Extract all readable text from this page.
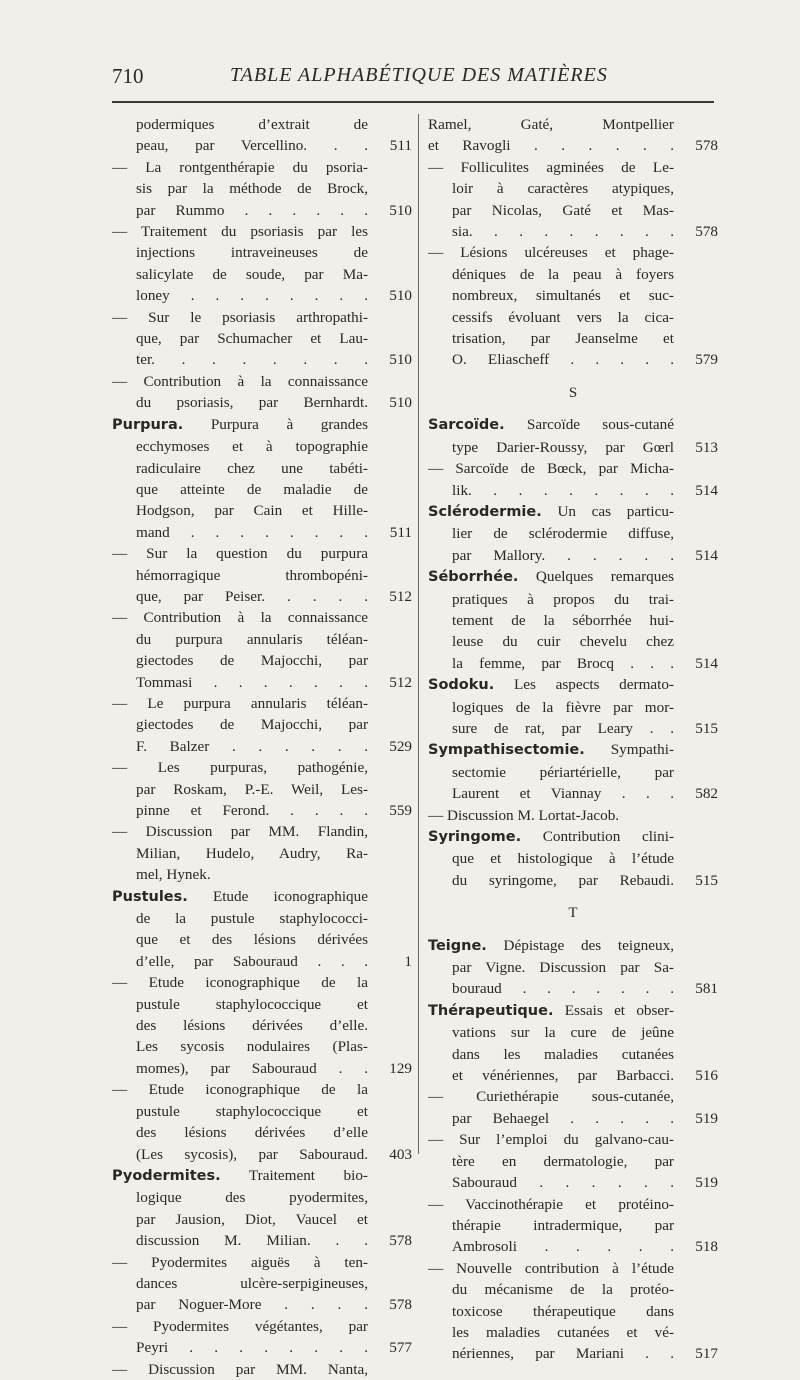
710	TABLE ALPHABÉTIQUE DES MATIÈRES
podermiques d’extrait de
peau, par Vercellino. . .	511
— La rontgenthérapie du psoria-
sis par la méthode de Brock,
par Rummo . . . . . .	510
— Traitement du psoriasis par les
injections intraveineuses de
salicylate de soude, par Ma-
loney . . . . . . . .	510
— Sur le psoriasis arthropathi-
que, par Schumacher et Lau-
ter. . . . . . . .	510
— Contribution à la connaissance
du psoriasis, par Bernhardt.	510
Purpura. Purpura à grandes
ecchymoses et à topographie
radiculaire chez une tabéti-
que atteinte de maladie de
Hodgson, par Cain et Hille-
mand . . . . . . . .	511
— Sur la question du purpura
hémorragique thrombopéni-
que, par Peiser. . . . .	512
— Contribution à la connaissance
du purpura annularis téléan-
giectodes de Majocchi, par
Tommasi . . . . . . .	512
— Le purpura annularis téléan-
giectodes de Majocchi, par
F. Balzer . . . . . .	529
— Les purpuras, pathogénie,
par Roskam, P.-E. Weil, Les-
pinne et Ferond. . . . .	559
— Discussion par MM. Flandin,
Milian, Hudelo, Audry, Ra-
mel, Hynek.
Pustules. Etude iconographique
de la pustule staphylococci-
que et des lésions dérivées
d’elle, par Sabouraud . . .	1
— Etude iconographique de la
pustule staphylococcique et
des lésions dérivées d’elle.
Les sycosis nodulaires (Plas-
momes), par Sabouraud . .	129
— Etude iconographique de la
pustule staphylococcique et
des lésions dérivées d’elle
(Les sycosis), par Sabouraud.	403
Pyodermites. Traitement bio-
logique des pyodermites,
par Jausion, Diot, Vaucel et
discussion M. Milian. . .	578
— Pyodermites aiguës à ten-
dances ulcère-serpigineuses,
par Noguer-More . . . .	578
— Pyodermites végétantes, par
Peyri . . . . . . . .	577
— Discussion par MM. Nanta,
Ramel, Gaté, Montpellier
et Ravogli . . . . . .	578
— Folliculites agminées de Le-
loir à caractères atypiques,
par Nicolas, Gaté et Mas-
sia. . . . . . . . .	578
— Lésions ulcéreuses et phage-
déniques de la peau à foyers
nombreux, simultanés et suc-
cessifs évoluant vers la cica-
trisation, par Jeanselme et
O. Eliascheff . . . . .	579
S
Sarcoïde. Sarcoïde sous-cutané
type Darier-Roussy, par Gœrl	513
— Sarcoïde de Bœck, par Micha-
lik. . . . . . . . .	514
Sclérodermie. Un cas particu-
lier de sclérodermie diffuse,
par Mallory. . . . . .	514
Séborrhée. Quelques remarques
pratiques à propos du trai-
tement de la séborrhée hui-
leuse du cuir chevelu chez
la femme, par Brocq . . .	514
Sodoku. Les aspects dermato-
logiques de la fièvre par mor-
sure de rat, par Leary . .	515
Sympathisectomie. Sympathi-
sectomie périartérielle, par
Laurent et Viannay . . .	582
— Discussion M. Lortat-Jacob.
Syringome. Contribution clini-
que et histologique à l’étude
du syringome, par Rebaudi.	515
T
Teigne. Dépistage des teigneux,
par Vigne. Discussion par Sa-
bouraud . . . . . . .	581
Thérapeutique. Essais et obser-
vations sur la cure de jeûne
dans les maladies cutanées
et vénériennes, par Barbacci.	516
— Curiethérapie sous-cutanée,
par Behaegel . . . . .	519
— Sur l’emploi du galvano-cau-
tère en dermatologie, par
Sabouraud . . . . . .	519
— Vaccinothérapie et protéino-
thérapie intradermique, par
Ambrosoli . . . . .	518
— Nouvelle contribution à l’étude
du mécanisme de la protéo-
toxicose thérapeutique dans
les maladies cutanées et vé-
nériennes, par Mariani . .	517
